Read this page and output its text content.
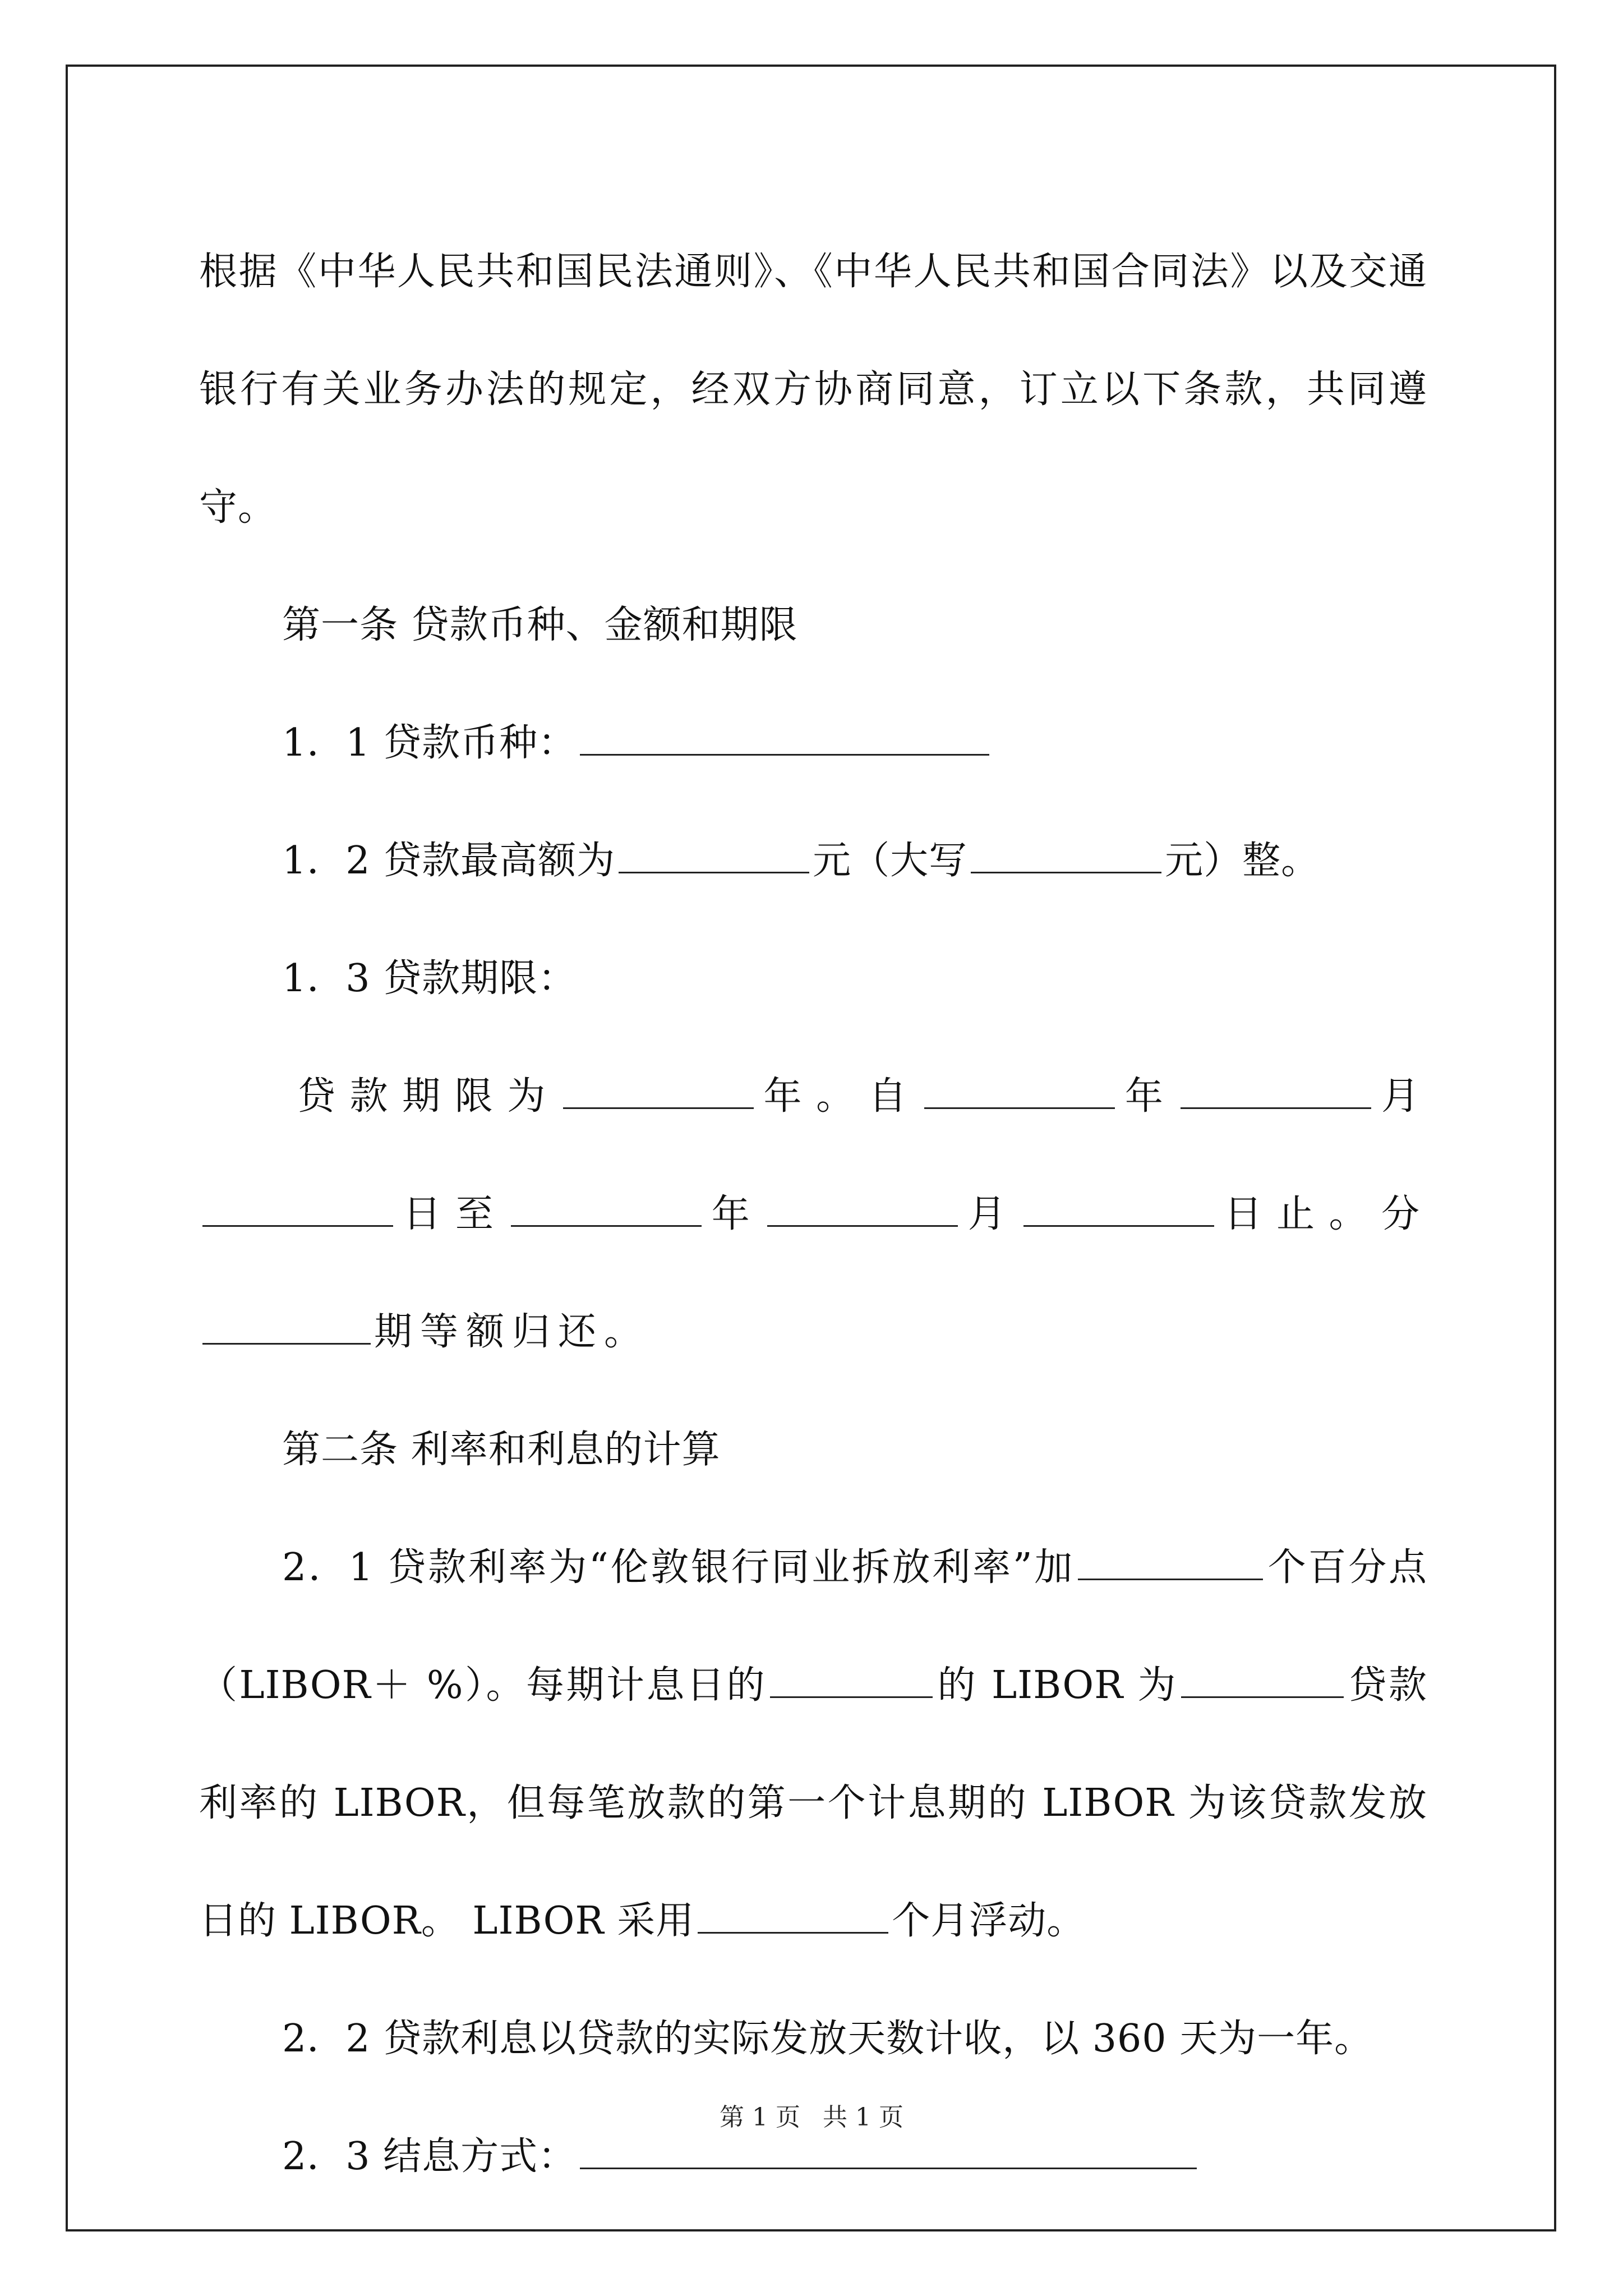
根据《中华人民共和国民法通则》、《中华人民共和国合同法》以及交通银行有关业务办法的规定，经双方协商同意，订立以下条款，共同遵守。

第一条 贷款币种、金额和期限

1．1 贷款币种：

1．2 贷款最高额为	元（大写	元）整。

1．3 贷款期限：

贷款期限为	年。自	年	月日至	年	月	日止。分期等额归还。

第二条 利率和利息的计算

2．1 贷款利率为“伦敦银行同业拆放利率”加	个百分点（LIBOR＋ %）。每期计息日的	的 LIBOR 为	贷款利率的 LIBOR，但每笔放款的第一个计息期的 LIBOR 为该贷款发放日的 LIBOR。 LIBOR 采用	个月浮动。

2．2 贷款利息以贷款的实际发放天数计收，以 360 天为一年。

2．3 结息方式：

第 1 页 共 1 页
